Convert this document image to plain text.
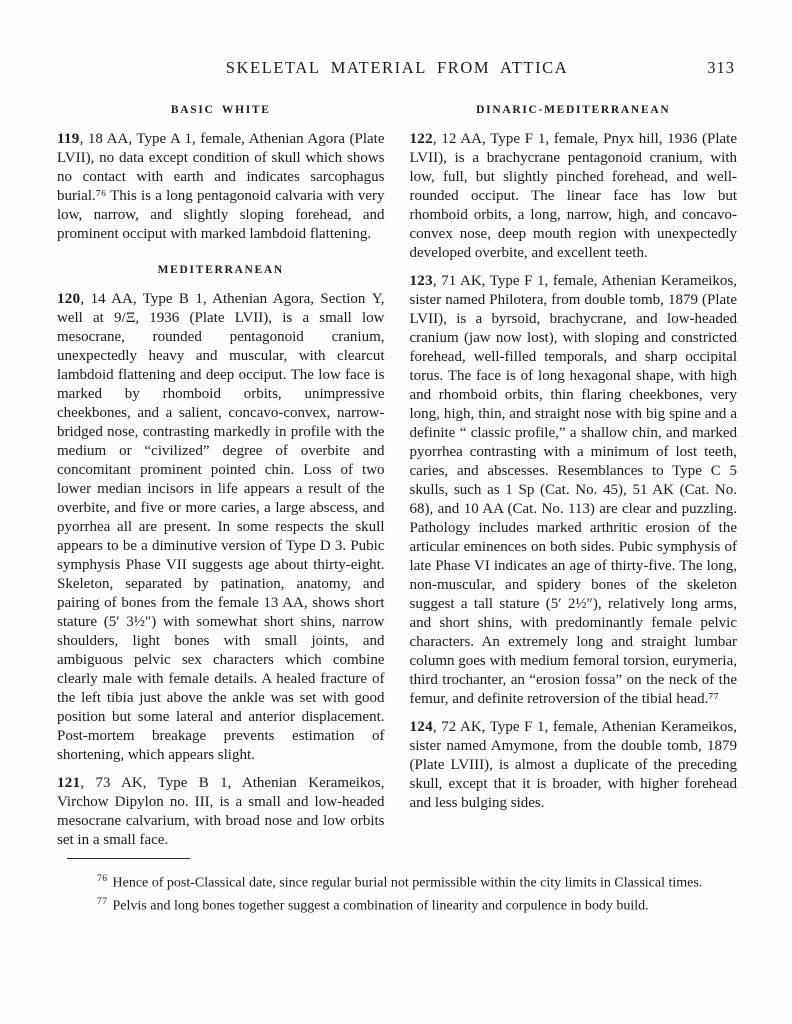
SKELETAL MATERIAL FROM ATTICA	313
BASIC WHITE

119, 18 AA, Type A 1, female, Athenian Agora (Plate LVII), no data except condition of skull which shows no contact with earth and indicates sarcophagus burial.⁷⁶ This is a long pentagonoid calvaria with very low, narrow, and slightly sloping forehead, and prominent occiput with marked lambdoid flattening.

MEDITERRANEAN

120, 14 AA, Type B 1, Athenian Agora, Section Υ, well at 9/Ξ, 1936 (Plate LVII), is a small low mesocrane, rounded pentagonoid cranium, unexpectedly heavy and muscular, with clearcut lambdoid flattening and deep occiput. The low face is marked by rhomboid orbits, unimpressive cheekbones, and a salient, concavo-convex, narrow-bridged nose, contrasting markedly in profile with the medium or “civilized” degree of overbite and concomitant prominent pointed chin. Loss of two lower median incisors in life appears a result of the overbite, and five or more caries, a large abscess, and pyorrhea all are present. In some respects the skull appears to be a diminutive version of Type D 3. Pubic symphysis Phase VII suggests age about thirty-eight. Skeleton, separated by patination, anatomy, and pairing of bones from the female 13 AA, shows short stature (5′ 3½″) with somewhat short shins, narrow shoulders, light bones with small joints, and ambiguous pelvic sex characters which combine clearly male with female details. A healed fracture of the left tibia just above the ankle was set with good position but some lateral and anterior displacement. Post-mortem breakage prevents estimation of shortening, which appears slight.

121, 73 AK, Type B 1, Athenian Kerameikos, Virchow Dipylon no. III, is a small and low-headed mesocrane calvarium, with broad nose and low orbits set in a small face.

DINARIC-MEDITERRANEAN

122, 12 AA, Type F 1, female, Pnyx hill, 1936 (Plate LVII), is a brachycrane pentagonoid cranium, with low, full, but slightly pinched forehead, and well-rounded occiput. The linear face has low but rhomboid orbits, a long, narrow, high, and concavo-convex nose, deep mouth region with unexpectedly developed overbite, and excellent teeth.

123, 71 AK, Type F 1, female, Athenian Kerameikos, sister named Philotera, from double tomb, 1879 (Plate LVII), is a byrsoid, brachycrane, and low-headed cranium (jaw now lost), with sloping and constricted forehead, well-filled temporals, and sharp occipital torus. The face is of long hexagonal shape, with high and rhomboid orbits, thin flaring cheekbones, very long, high, thin, and straight nose with big spine and a definite “ classic profile,” a shallow chin, and marked pyorrhea contrasting with a minimum of lost teeth, caries, and abscesses. Resemblances to Type C 5 skulls, such as 1 Sp (Cat. No. 45), 51 AK (Cat. No. 68), and 10 AA (Cat. No. 113) are clear and puzzling. Pathology includes marked arthritic erosion of the articular eminences on both sides. Pubic symphysis of late Phase VI indicates an age of thirty-five. The long, non-muscular, and spidery bones of the skeleton suggest a tall stature (5′ 2½″), relatively long arms, and short shins, with predominantly female pelvic characters. An extremely long and straight lumbar column goes with medium femoral torsion, eurymeria, third trochanter, an “erosion fossa” on the neck of the femur, and definite retroversion of the tibial head.⁷⁷

124, 72 AK, Type F 1, female, Athenian Kerameikos, sister named Amymone, from the double tomb, 1879 (Plate LVIII), is almost a duplicate of the preceding skull, except that it is broader, with higher forehead and less bulging sides.

$^{76}$ Hence of post-Classical date, since regular burial not permissible within the city limits in Classical times.

$^{77}$ Pelvis and long bones together suggest a combination of linearity and corpulence in body build.
